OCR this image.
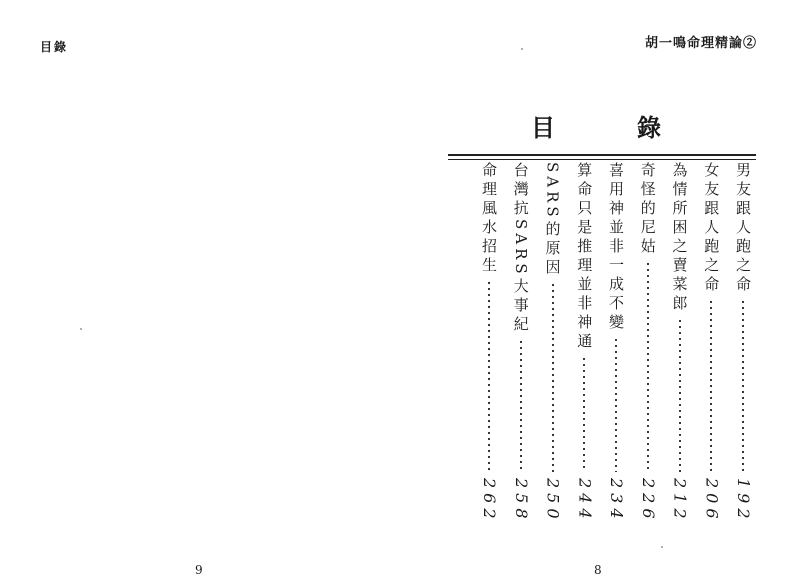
目錄
9
胡一鳴命理精論②
目	錄
男友跟人跑之命
192
女友跟人跑之命
206
為情所困之賣菜郎
212
奇怪的尼姑
226
喜用神並非一成不變
234
算命只是推理並非神通
244
SARS的原因
250
台灣抗SARS大事紀
258
命理風水招生
262
8
